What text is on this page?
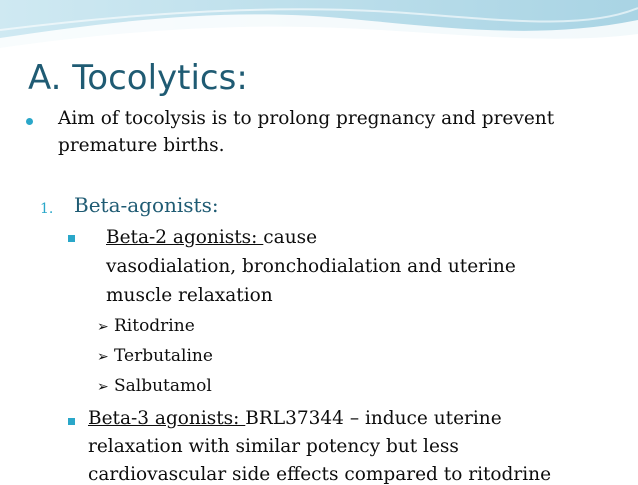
A. Tocolytics:
Aim of tocolysis is to prolong pregnancy and prevent
premature births.
1. Beta-agonists:
Beta-2 agonists: cause
vasodialation, bronchodialation and uterine
muscle relaxation
➢ Ritodrine
➢ Terbutaline
➢ Salbutamol
Beta-3 agonists: BRL37344 – induce uterine
relaxation with similar potency but less
cardiovascular side effects compared to ritodrine
